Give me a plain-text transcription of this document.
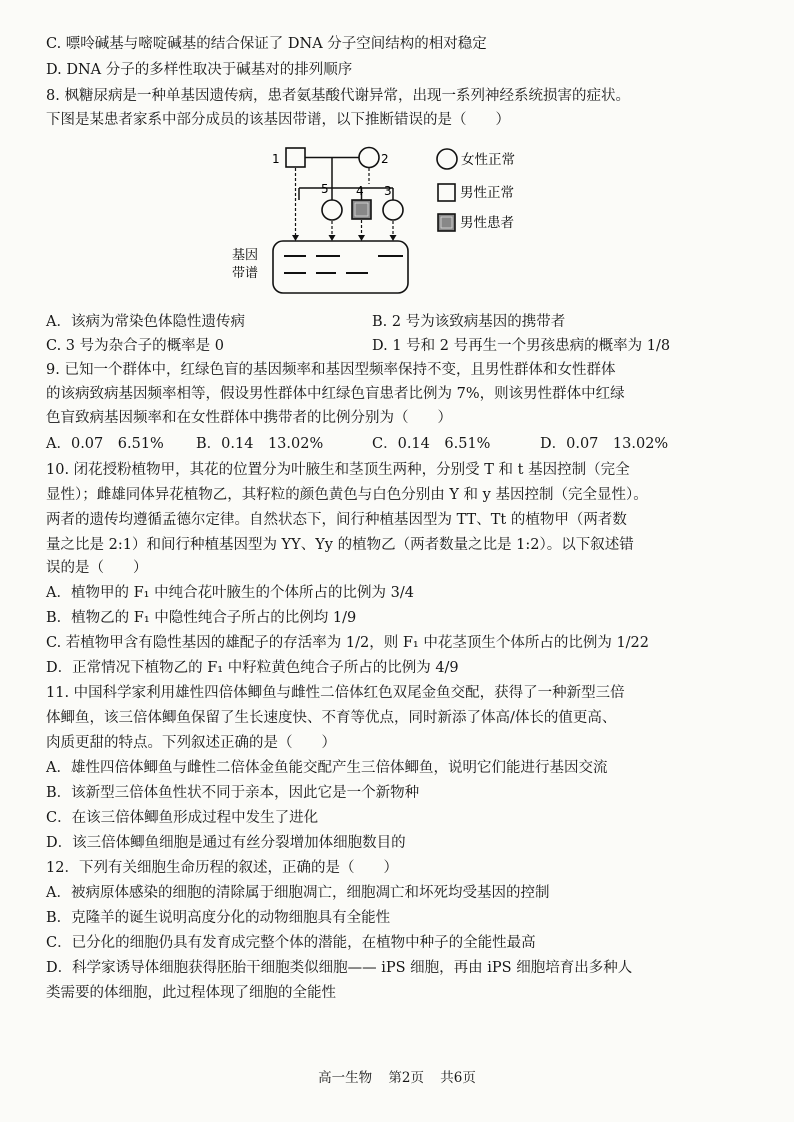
C. 嘌呤碱基与嘧啶碱基的结合保证了 DNA 分子空间结构的相对稳定
D. DNA 分子的多样性取决于碱基对的排列顺序
8. 枫糖尿病是一种单基因遗传病，患者氨基酸代谢异常，出现一系列神经系统损害的症状。
下图是某患者家系中部分成员的该基因带谱，以下推断错误的是（　　）
1	2
5 4 3
基因
带谱
女性正常
男性正常
男性患者
A．该病为常染色体隐性遗传病	B. 2 号为该致病基因的携带者
C. 3 号为杂合子的概率是 0	D. 1 号和 2 号再生一个男孩患病的概率为 1/8
9. 已知一个群体中，红绿色盲的基因频率和基因型频率保持不变，且男性群体和女性群体
的该病致病基因频率相等，假设男性群体中红绿色盲患者比例为 7%，则该男性群体中红绿
色盲致病基因频率和在女性群体中携带者的比例分别为（　　）
A．0.07　6.51% B．0.14　13.02%	C．0.14　6.51%	D．0.07　13.02%
10. 闭花授粉植物甲，其花的位置分为叶腋生和茎顶生两种，分别受 T 和 t 基因控制（完全
显性）；雌雄同体异花植物乙，其籽粒的颜色黄色与白色分别由 Y 和 y 基因控制（完全显性）。
两者的遗传均遵循孟德尔定律。自然状态下，间行种植基因型为 TT、Tt 的植物甲（两者数
量之比是 2:1）和间行种植基因型为 YY、Yy 的植物乙（两者数量之比是 1:2）。以下叙述错
误的是（　　）
A．植物甲的 F₁ 中纯合花叶腋生的个体所占的比例为 3/4
B．植物乙的 F₁ 中隐性纯合子所占的比例均 1/9
C. 若植物甲含有隐性基因的雄配子的存活率为 1/2，则 F₁ 中花茎顶生个体所占的比例为 1/22
D．正常情况下植物乙的 F₁ 中籽粒黄色纯合子所占的比例为 4/9
11. 中国科学家利用雄性四倍体鲫鱼与雌性二倍体红色双尾金鱼交配，获得了一种新型三倍
体鲫鱼，该三倍体鲫鱼保留了生长速度快、不育等优点，同时新添了体高/体长的值更高、
肉质更甜的特点。下列叙述正确的是（　　）
A．雄性四倍体鲫鱼与雌性二倍体金鱼能交配产生三倍体鲫鱼，说明它们能进行基因交流
B．该新型三倍体鱼性状不同于亲本，因此它是一个新物种
C．在该三倍体鲫鱼形成过程中发生了进化
D．该三倍体鲫鱼细胞是通过有丝分裂增加体细胞数目的
12．下列有关细胞生命历程的叙述，正确的是（　　）
A．被病原体感染的细胞的清除属于细胞凋亡，细胞凋亡和坏死均受基因的控制
B．克隆羊的诞生说明高度分化的动物细胞具有全能性
C．已分化的细胞仍具有发育成完整个体的潜能，在植物中种子的全能性最高
D．科学家诱导体细胞获得胚胎干细胞类似细胞—— iPS 细胞，再由 iPS 细胞培育出多种人
类需要的体细胞，此过程体现了细胞的全能性
高一生物 第2页 共6页
